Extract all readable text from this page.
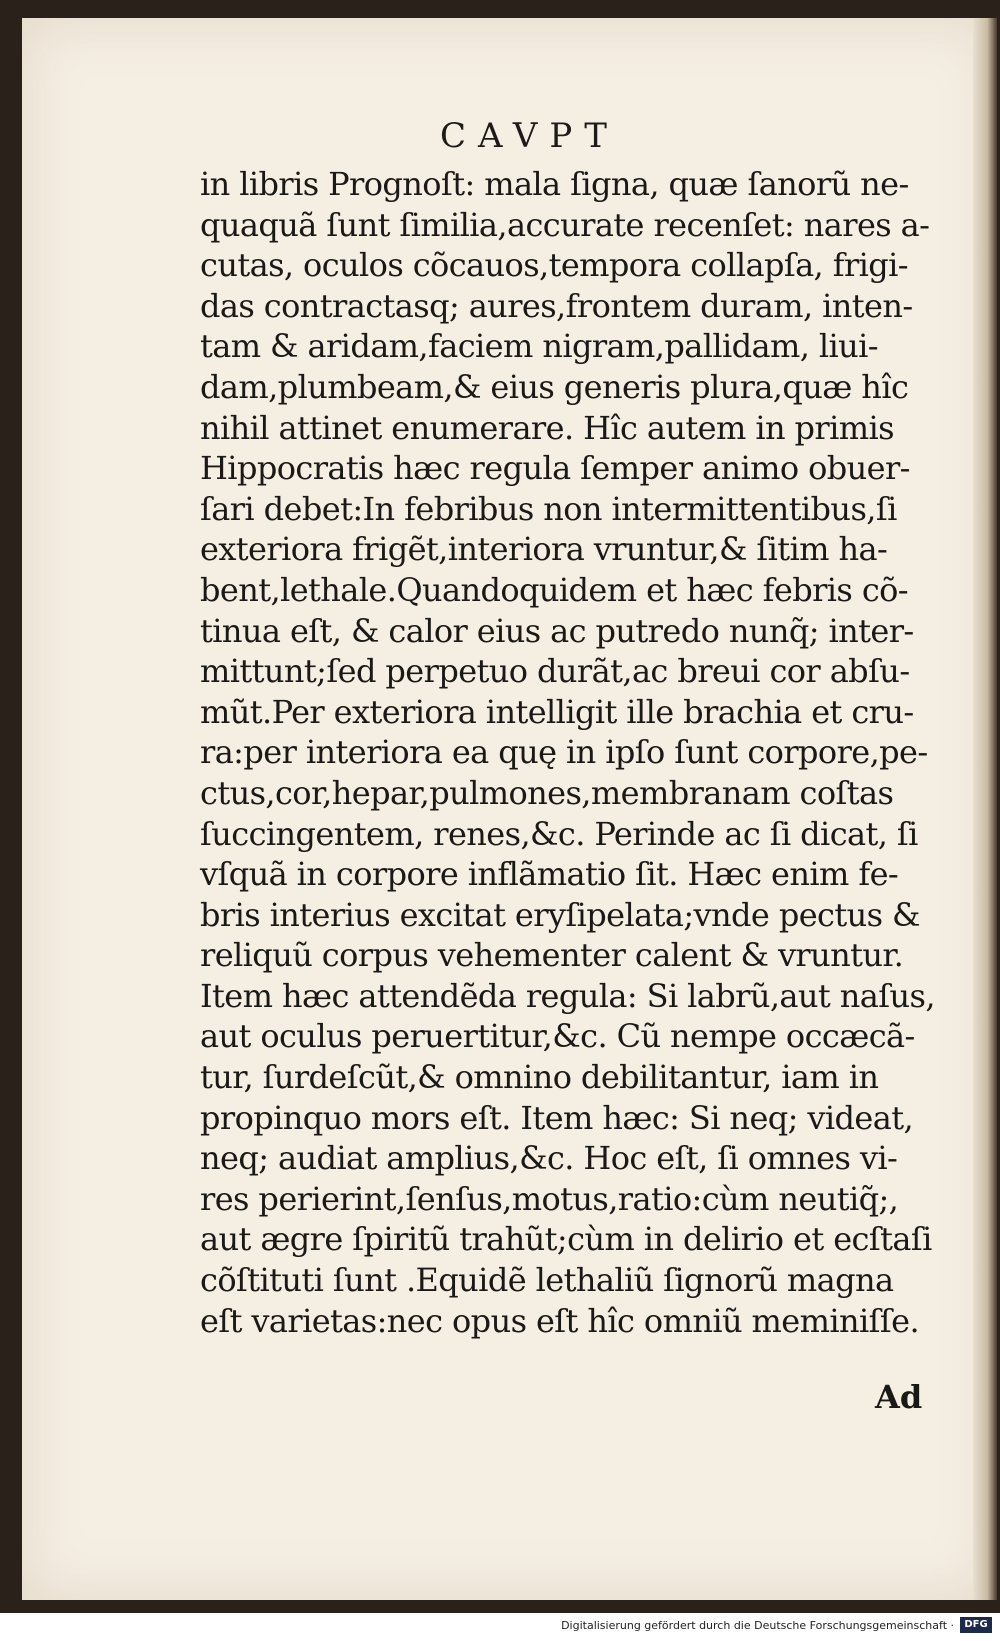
CAVPT
in libris Prognoſt: mala ſigna, quæ ſanorũ ne-
quaquã ſunt ſimilia,accurate recenſet: nares a-
cutas, oculos cõcauos,tempora collapſa, frigi-
das contractasq; aures,frontem duram, inten-
tam & aridam,faciem nigram,pallidam, liui-
dam,plumbeam,& eius generis plura,quæ hîc
nihil attinet enumerare. Hîc autem in primis
Hippocratis hæc regula ſemper animo obuer-
ſari debet:In febribus non intermittentibus,ſi
exteriora frigẽt,interiora vruntur,& ſitim ha-
bent,lethale.Quandoquidem et hæc febris cõ-
tinua eſt, & calor eius ac putredo nunq̃; inter-
mittunt;ſed perpetuo durãt,ac breui cor abſu-
mũt.Per exteriora intelligit ille brachia et cru-
ra:per interiora ea quę in ipſo ſunt corpore,pe-
ctus,cor,hepar,pulmones,membranam coſtas
ſuccingentem, renes,&c. Perinde ac ſi dicat, ſi
vſquã in corpore inflãmatio ſit. Hæc enim fe-
bris interius excitat eryſipelata;vnde pectus &
reliquũ corpus vehementer calent & vruntur.
Item hæc attendẽda regula: Si labrũ,aut naſus,
aut oculus peruertitur,&c. Cũ nempe occæcã-
tur, ſurdeſcũt,& omnino debilitantur, iam in
propinquo mors eſt. Item hæc: Si neq; videat,
neq; audiat amplius,&c. Hoc eſt, ſi omnes vi-
res perierint,ſenſus,motus,ratio:cùm neutiq̃;,
aut ægre ſpiritũ trahũt;cùm in delirio et ecſtaſi
cõſtituti ſunt .Equidẽ lethaliũ ſignorũ magna
eſt varietas:nec opus eſt hîc omniũ meminiſſe.
Ad
Digitalisierung gefördert durch die Deutsche Forschungsgemeinschaft ·	DFG
